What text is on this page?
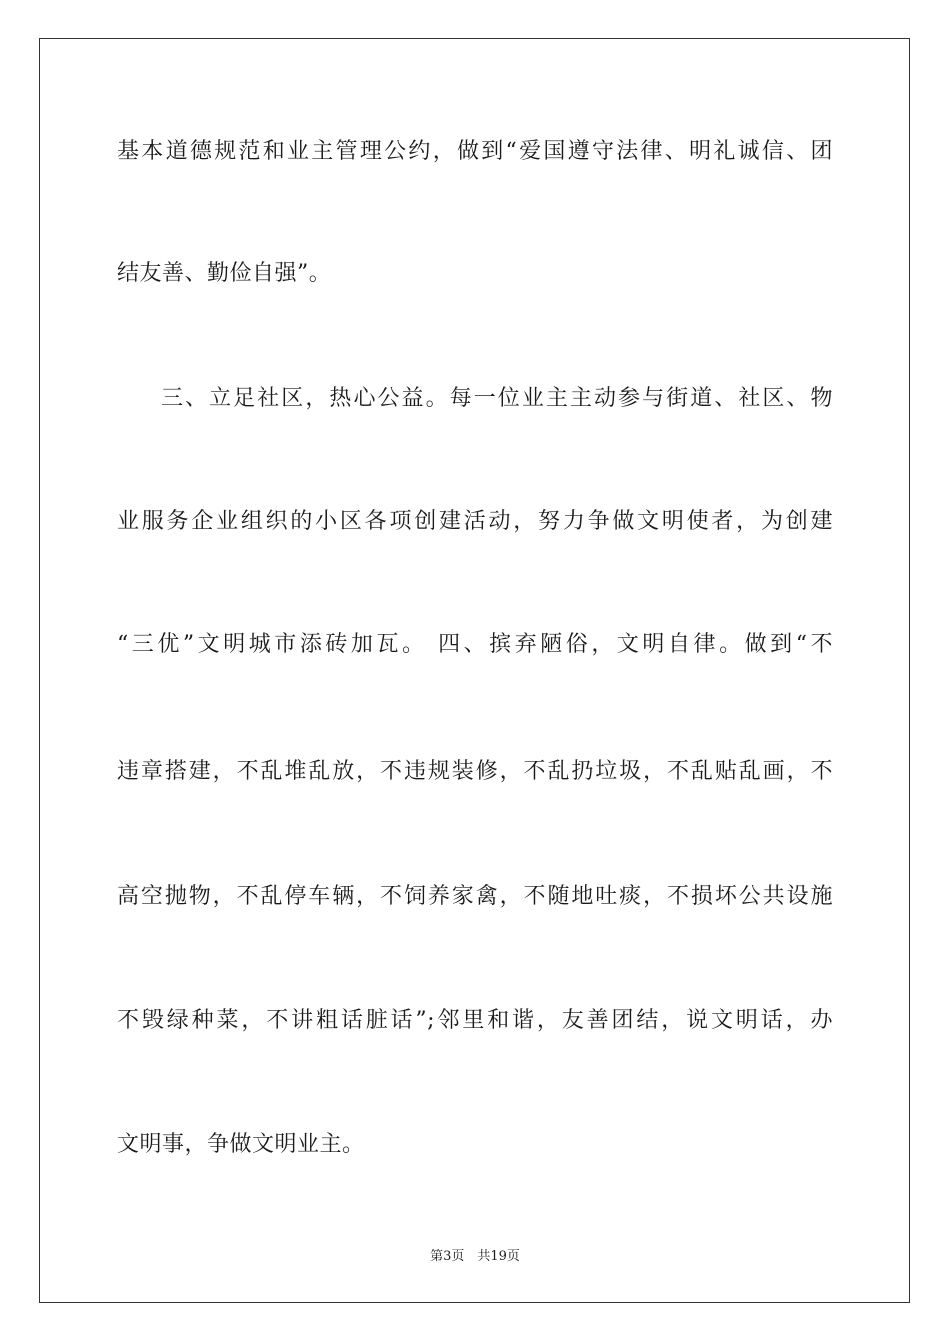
基本道德规范和业主管理公约，做到“爱国遵守法律、明礼诚信、团
结友善、勤俭自强”。
三、立足社区，热心公益。每一位业主主动参与街道、社区、物
业服务企业组织的小区各项创建活动，努力争做文明使者，为创建
“三优”文明城市添砖加瓦。 四、摈弃陋俗，文明自律。做到“不
违章搭建，不乱堆乱放，不违规装修，不乱扔垃圾，不乱贴乱画，不
高空抛物，不乱停车辆，不饲养家禽，不随地吐痰，不损坏公共设施
不毁绿种菜，不讲粗话脏话”;邻里和谐，友善团结，说文明话，办
文明事，争做文明业主。
第3页　共19页
